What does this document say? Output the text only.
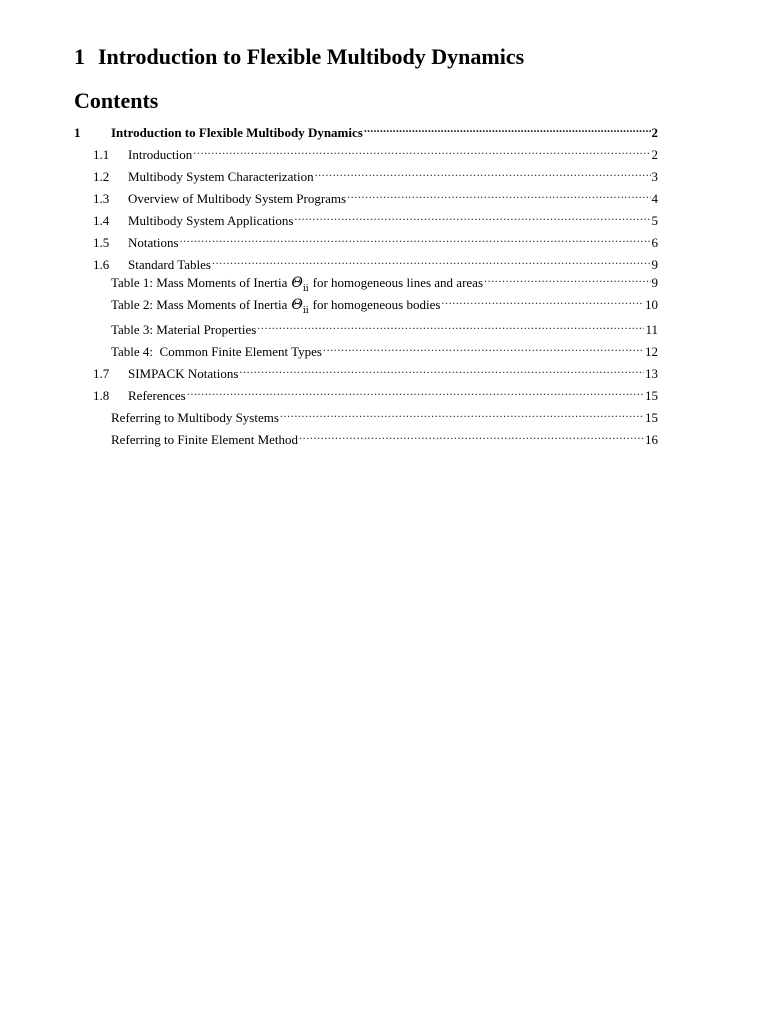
1 Introduction to Flexible Multibody Dynamics
Contents
1	Introduction to Flexible Multibody Dynamics .....	2
1.1	Introduction .....	2
1.2	Multibody System Characterization .....	3
1.3	Overview of Multibody System Programs .....	4
1.4	Multibody System Applications .....	5
1.5	Notations .....	6
1.6	Standard Tables .....	9
Table 1: Mass Moments of Inertia $\Theta_{ii}$ for homogeneous lines and areas .....	9
Table 2: Mass Moments of Inertia $\Theta_{ii}$ for homogeneous bodies .....	10
Table 3: Material Properties .....	11
Table 4:  Common Finite Element Types .....	12
1.7	SIMPACK Notations .....	13
1.8	References .....	15
Referring to Multibody Systems .....	15
Referring to Finite Element Method .....	16
